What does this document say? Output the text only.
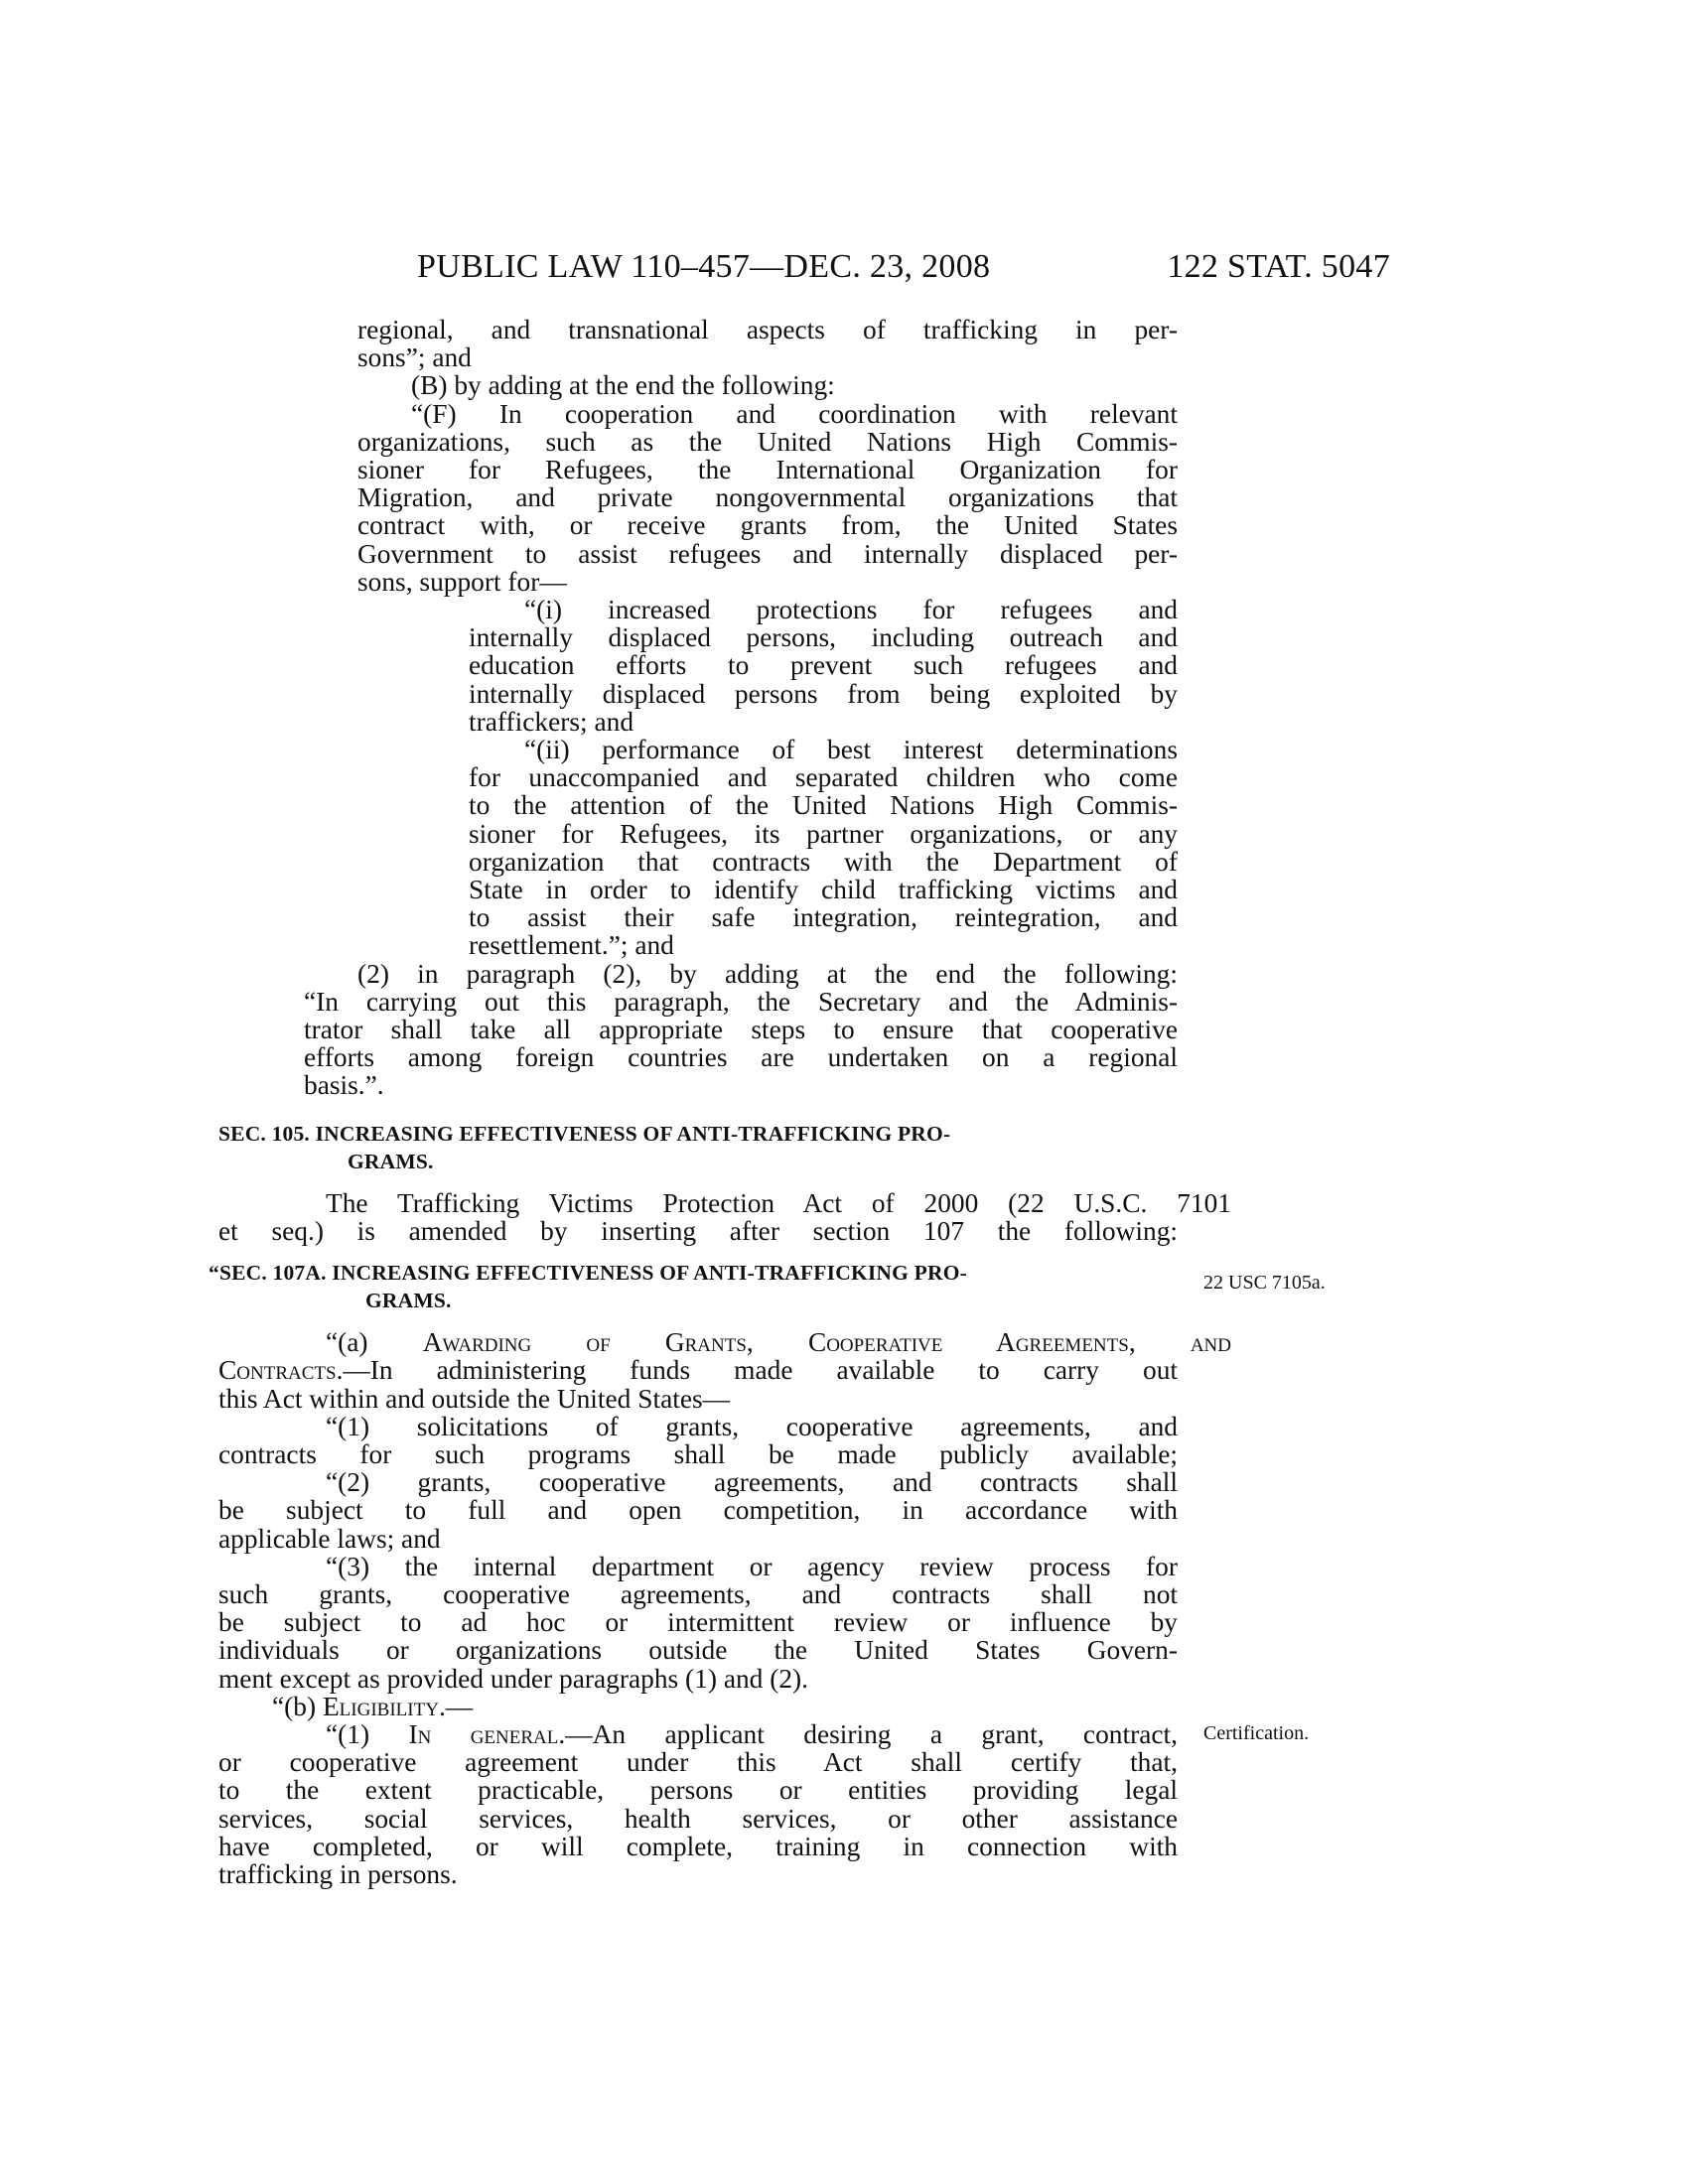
PUBLIC LAW 110–457—DEC. 23, 2008	122 STAT. 5047
regional, and transnational aspects of trafficking in per-
sons”; and
(B) by adding at the end the following:
“(F) In cooperation and coordination with relevant
organizations, such as the United Nations High Commis-
sioner for Refugees, the International Organization for
Migration, and private nongovernmental organizations that
contract with, or receive grants from, the United States
Government to assist refugees and internally displaced per-
sons, support for—
“(i) increased protections for refugees and
internally displaced persons, including outreach and
education efforts to prevent such refugees and
internally displaced persons from being exploited by
traffickers; and
“(ii) performance of best interest determinations
for unaccompanied and separated children who come
to the attention of the United Nations High Commis-
sioner for Refugees, its partner organizations, or any
organization that contracts with the Department of
State in order to identify child trafficking victims and
to assist their safe integration, reintegration, and
resettlement.”; and
(2) in paragraph (2), by adding at the end the following:
“In carrying out this paragraph, the Secretary and the Adminis-
trator shall take all appropriate steps to ensure that cooperative
efforts among foreign countries are undertaken on a regional
basis.”.
SEC. 105. INCREASING EFFECTIVENESS OF ANTI-TRAFFICKING PRO-
GRAMS.
The Trafficking Victims Protection Act of 2000 (22 U.S.C. 7101
et seq.) is amended by inserting after section 107 the following:
“SEC. 107A. INCREASING EFFECTIVENESS OF ANTI-TRAFFICKING PRO-
GRAMS.
“(a) Awarding of Grants, Cooperative Agreements, and
Contracts.—In administering funds made available to carry out
this Act within and outside the United States—
“(1) solicitations of grants, cooperative agreements, and
contracts for such programs shall be made publicly available;
“(2) grants, cooperative agreements, and contracts shall
be subject to full and open competition, in accordance with
applicable laws; and
“(3) the internal department or agency review process for
such grants, cooperative agreements, and contracts shall not
be subject to ad hoc or intermittent review or influence by
individuals or organizations outside the United States Govern-
ment except as provided under paragraphs (1) and (2).
“(b) Eligibility.—
“(1) In general.—An applicant desiring a grant, contract,
or cooperative agreement under this Act shall certify that,
to the extent practicable, persons or entities providing legal
services, social services, health services, or other assistance
have completed, or will complete, training in connection with
trafficking in persons.
22 USC 7105a.
Certification.
